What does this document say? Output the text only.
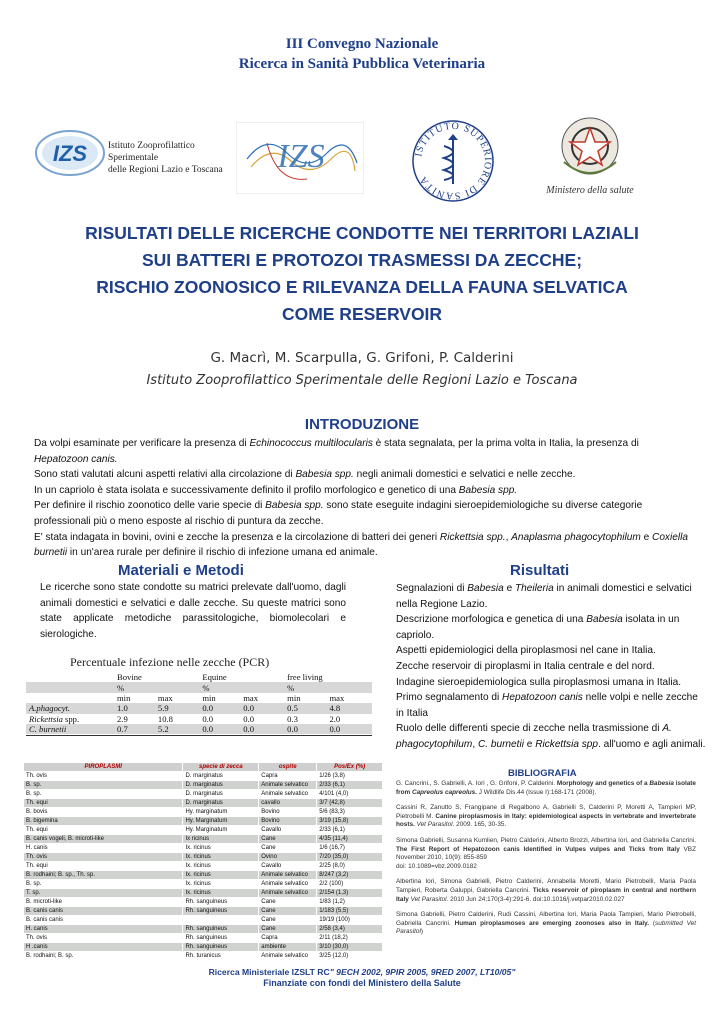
III Convegno Nazionale
Ricerca in Sanità Pubblica Veterinaria
IZS Istituto Zooprofilattico Sperimentale
delle Regioni Lazio e Toscana	IZS	ISTITUTO SUPERIORE DI SANITÀ
Ministero della salute
RISULTATI DELLE RICERCHE CONDOTTE NEI TERRITORI LAZIALI
SUI BATTERI E PROTOZOI TRASMESSI DA ZECCHE;
RISCHIO ZOONOSICO E RILEVANZA DELLA FAUNA SELVATICA
COME RESERVOIR
G. Macrì, M. Scarpulla, G. Grifoni, P. Calderini
Istituto Zooprofilattico Sperimentale delle Regioni Lazio e Toscana
INTRODUZIONE

Da volpi esaminate per verificare la presenza di Echinococcus multilocularis è stata segnalata, per la prima volta in Italia, la presenza di Hepatozoon canis.

Sono stati valutati alcuni aspetti relativi alla circolazione di Babesia spp. negli animali domestici e selvatici e nelle zecche.

In un capriolo è stata isolata e successivamente definito il profilo morfologico e genetico di una Babesia spp.

Per definire il rischio zoonotico delle varie specie di Babesia spp. sono state eseguite indagini sieroepidemiologiche su diverse categorie professionali più o meno esposte al rischio di puntura da zecche.

E' stata indagata in bovini, ovini e zecche la presenza e la circolazione di batteri dei generi Rickettsia spp., Anaplasma phagocytophilum e Coxiella burnetii in un'area rurale per definire il rischio di infezione umana ed animale.

Materiali e Metodi
Le ricerche sono state condotte su matrici prelevate dall'uomo, dagli animali domestici e selvatici e dalle zecche. Su queste matrici sono state applicate metodiche parassitologiche, biomolecolari e sierologiche.
Percentuale infezione nelle zecche (PCR)
	Bovine		Equine		free living	
	%		%		%	
	min	max	min	max	min	max
A.phagocyt.	1.0	5.9	0.0	0.0	0.5	4.8
Rickettsia spp.	2.9	10.8	0.0	0.0	0.3	2.0
C. burnetii	0.7	5.2	0.0	0.0	0.0	0.0
PIROPLASMI	specie di zecca	ospite	Pos/Ex (%)
Th. ovis	D. marginatus	Capra	1/26 (3,8)
B. sp.	D. marginatus	Animale selvatico	2/33 (6,1)
B. sp.	D. marginatus	Animale selvatico	4/101 (4,0)
Th. equi	D. marginatus	cavallo	3/7 (42,8)
B. bovis	Hy. marginatum	Bovino	5/6 (83,3)
B. bigemina	Hy. Marginatum	Bovino	3/19 (15,8)
Th. equi	Hy. Marginatum	Cavallo	2/33 (6,1)
B. canis vogeli, B. microti-like	Ix ricinus	Cane	4/35 (11,4)
H. canis	Ix. ricinus	Cane	1/6 (16,7)
Th. ovis	Ix. ricinus	Ovino	7/20 (35,0)
Th. equi	Ix. ricinus	Cavallo	2/25 (8,0)
B. rodhaini; B. sp., Th. sp.	Ix. ricinus	Animale selvatico	8/247 (3,2)
B. sp.	Ix. ricinus	Animale selvatico	2/2 (100)
T. sp.	Ix. ricinus	Animale selvatico	2/154 (1,3)
B. microti-like	Rh. sanguineus	Cane	1/83 (1,2)
B. canis canis	Rh. sanguineus	Cane	1/183 (5,5)
B. canis canis		Cane	19/19 (100)
H. canis	Rh. sanguineus	Cane	2/58 (3,4)
Th. ovis	Rh. sanguineus	Capra	2/11 (18,2)
H .canis	Rh. sanguineus	ambiente	3/10 (30,0)
B. rodhaini; B. sp.	Rh. turanicus	Animale selvatico	3/25 (12,0)
Risultati

Segnalazioni di Babesia e Theileria in animali domestici e selvatici nella Regione Lazio.

Descrizione morfologica e genetica di una Babesia isolata in un capriolo.

Aspetti epidemiologici della piroplasmosi nel cane in Italia.

Zecche reservoir di piroplasmi in Italia centrale e del nord.

Indagine sieroepidemiologica sulla piroplasmosi umana in Italia.

Primo segnalamento di Hepatozoon canis nelle volpi e nelle zecche in Italia

Ruolo delle differenti specie di zecche nella trasmissione di A. phagocytophilum, C. burnetii e Rickettsia spp. all'uomo e agli animali.

BIBLIOGRAFIA

G. Cancrini., S. Gabrielli, A. Iori , G. Grifoni, P. Calderini. Morphology and genetics of a Babesia isolate from Capreolus capreolus. J Wildlife Dis.44 (Issue I):168-171 (2008).

Cassini R, Zanutto S, Frangipane di Regalbono A, Gabrielli S, Calderini P, Moretti A, Tampieri MP, Pietrobelli M. Canine piroplasmosis in Italy: epidemiological aspects in vertebrate and invertebrate hosts. Vet Parasitol. 2009. 165, 30-35.

Simona Gabrielli, Susanna Kumlien, Pietro Calderini, Alberto Brozzi, Albertina Iori, and Gabriella Cancrini. The First Report of Hepatozoon canis Identified in Vulpes vulpes and Ticks from Italy VBZ November 2010, 10(9): 855-859
doi: 10.1089=vbz.2009.0182

Albertina Iori, Simona Gabrielli, Pietro Calderini, Annabella Moretti, Mario Pietrobelli, Maria Paola Tampieri, Roberta Galuppi, Gabriella Cancrini. Ticks reservoir of piroplasm in central and northern Italy Vet Parasitol. 2010 Jun 24;170(3-4):291-6. doi:10.1016/j.vetpar2010.02.027

Simona Gabrielli, Pietro Calderini, Rudi Cassini, Albertina Iori, Maria Paola Tampieri, Mario Pietrobelli, Gabriella Cancrini. Human piroplasmoses are emerging zoonoses also in Italy. (submitted Vet Parasitol)

Ricerca Ministeriale IZSLT RC" 9ECH 2002, 9PIR 2005, 9RED 2007, LT10/05"
Finanziate con fondi del Ministero della Salute
